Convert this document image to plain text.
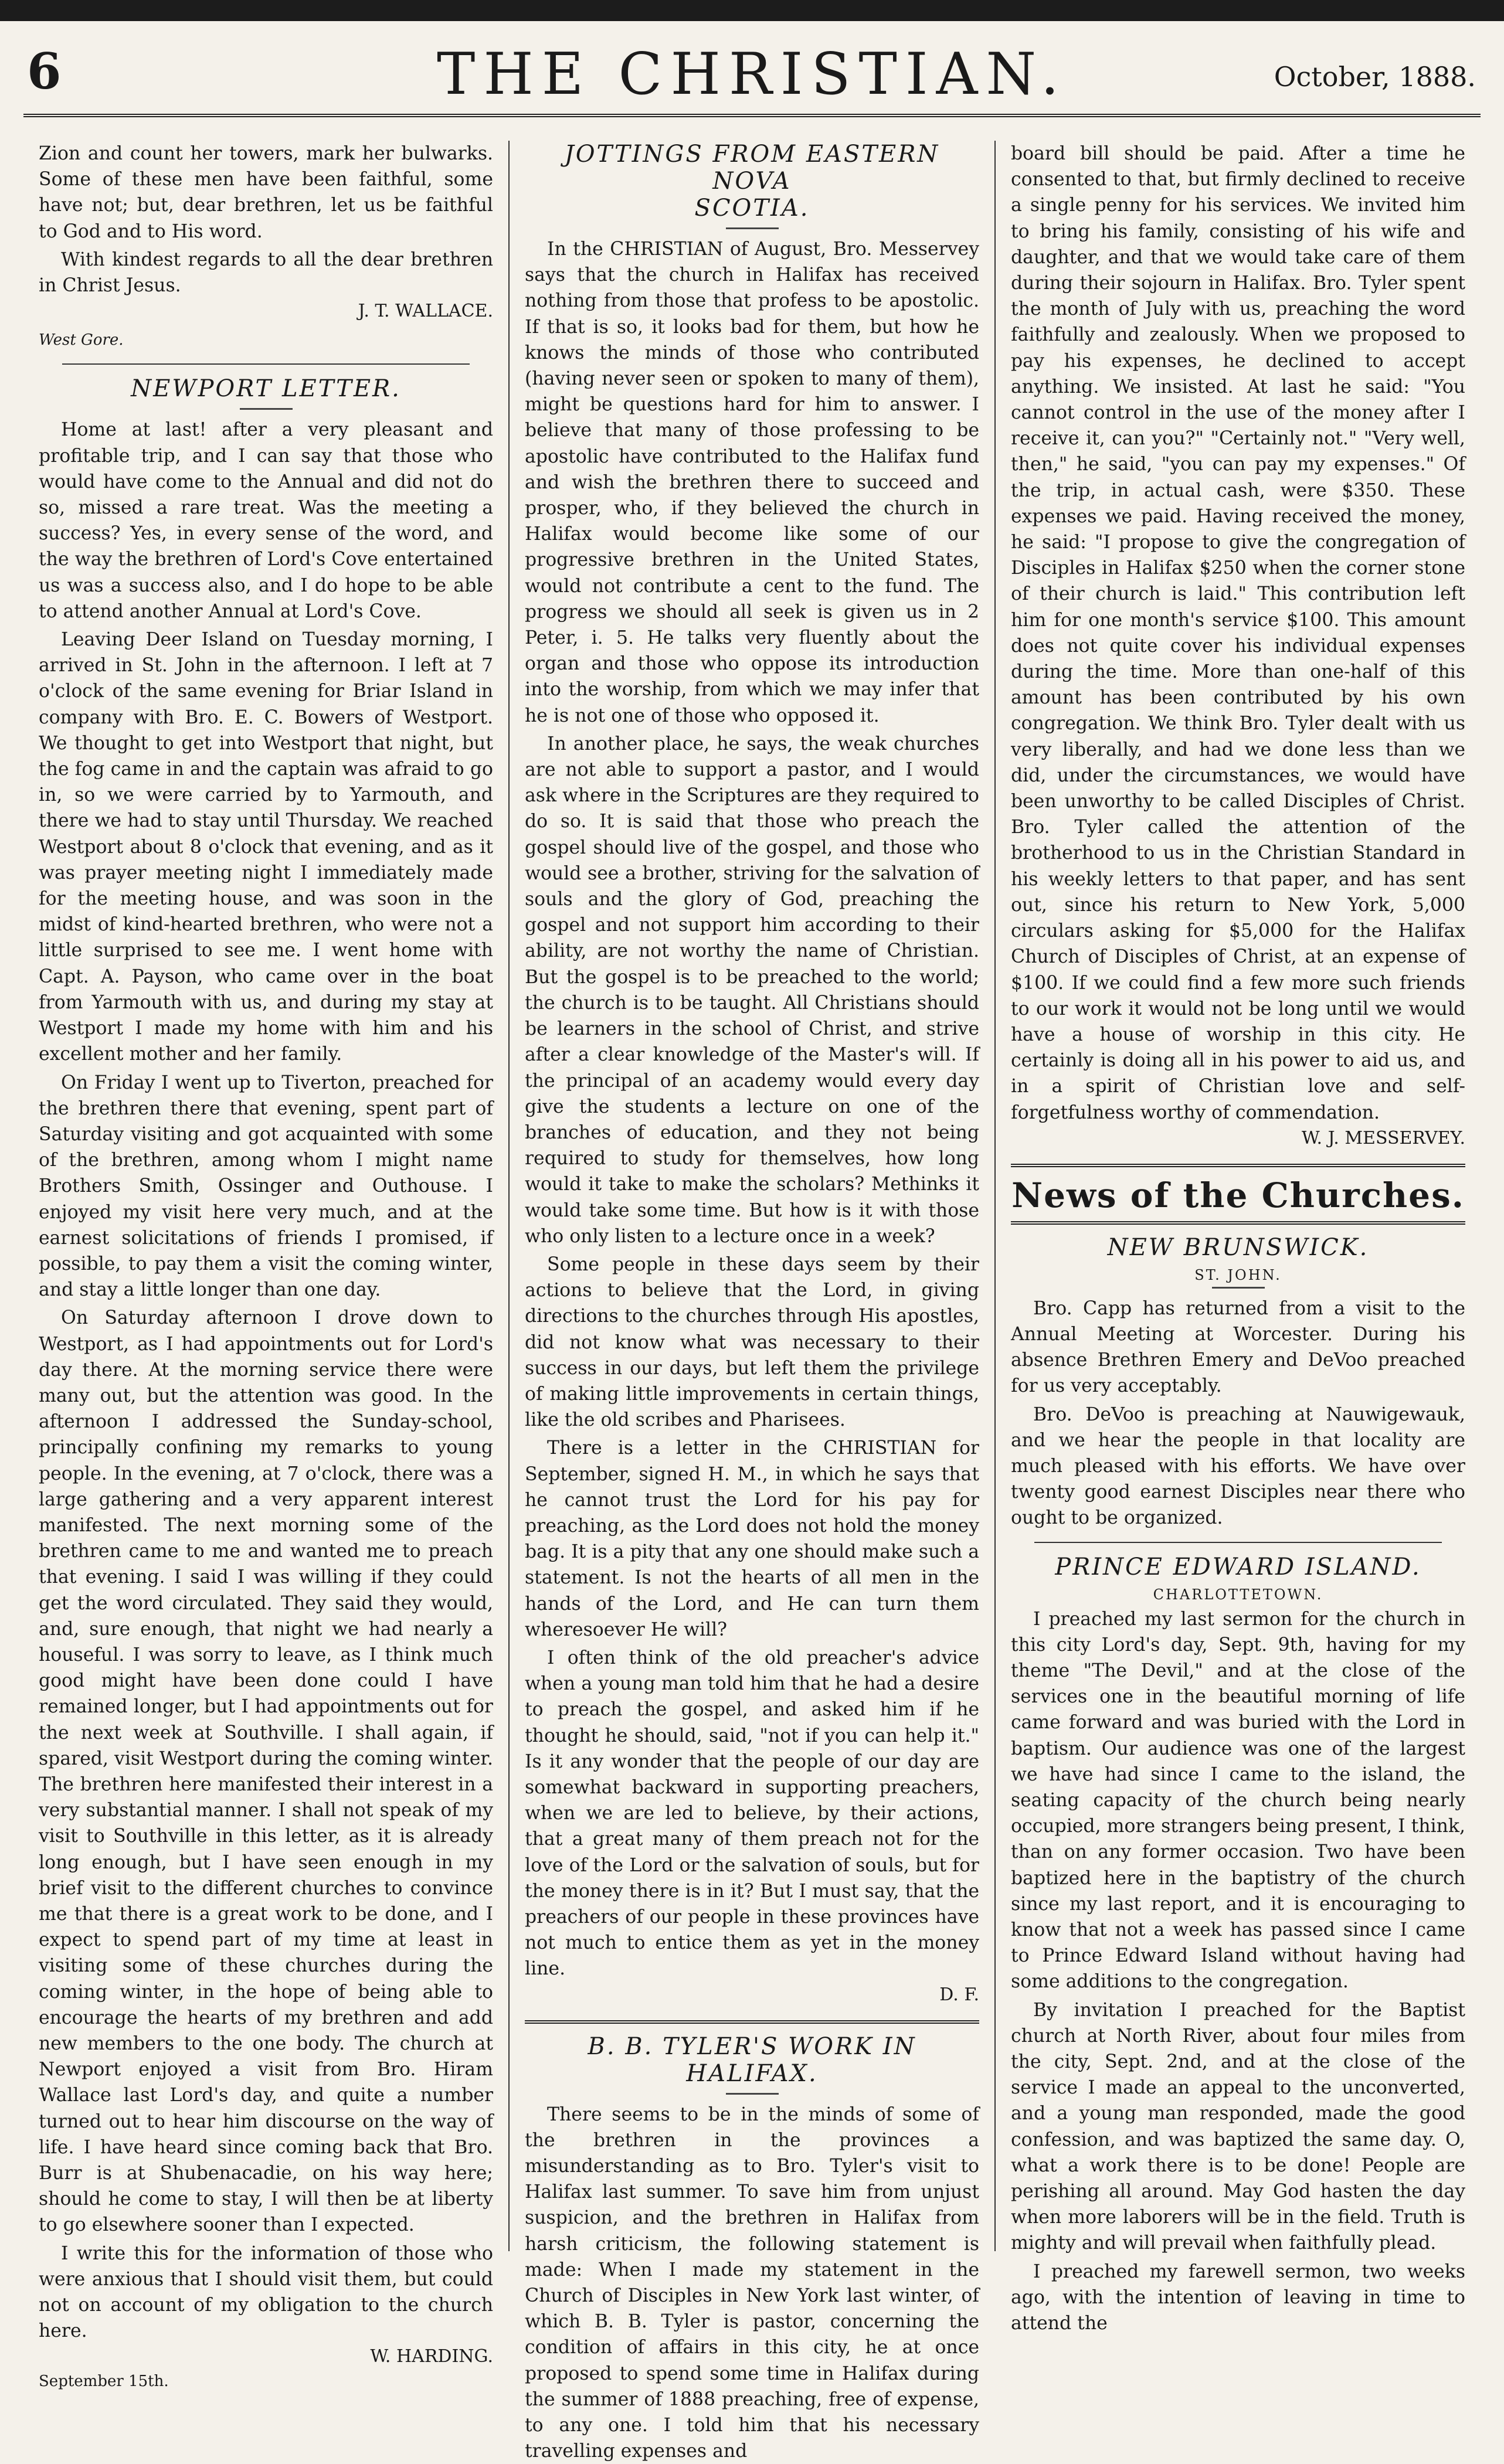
6	THE CHRISTIAN.	October, 1888.

Zion and count her towers, mark her bulwarks. Some of these men have been faithful, some have not; but, dear brethren, let us be faithful to God and to His word.

With kindest regards to all the dear brethren in Christ Jesus.

J. T. WALLACE.

West Gore.

NEWPORT LETTER.

Home at last! after a very pleasant and profitable trip, and I can say that those who would have come to the Annual and did not do so, missed a rare treat. Was the meeting a success? Yes, in every sense of the word, and the way the brethren of Lord's Cove entertained us was a success also, and I do hope to be able to attend another Annual at Lord's Cove.

Leaving Deer Island on Tuesday morning, I arrived in St. John in the afternoon. I left at 7 o'clock of the same evening for Briar Island in company with Bro. E. C. Bowers of Westport. We thought to get into Westport that night, but the fog came in and the captain was afraid to go in, so we were carried by to Yarmouth, and there we had to stay until Thursday. We reached Westport about 8 o'clock that evening, and as it was prayer meeting night I immediately made for the meeting house, and was soon in the midst of kind-hearted brethren, who were not a little surprised to see me. I went home with Capt. A. Payson, who came over in the boat from Yarmouth with us, and during my stay at Westport I made my home with him and his excellent mother and her family.

On Friday I went up to Tiverton, preached for the brethren there that evening, spent part of Saturday visiting and got acquainted with some of the brethren, among whom I might name Brothers Smith, Ossinger and Outhouse. I enjoyed my visit here very much, and at the earnest solicitations of friends I promised, if possible, to pay them a visit the coming winter, and stay a little longer than one day.

On Saturday afternoon I drove down to Westport, as I had appointments out for Lord's day there. At the morning service there were many out, but the attention was good. In the afternoon I addressed the Sunday-school, principally confining my remarks to young people. In the evening, at 7 o'clock, there was a large gathering and a very apparent interest manifested. The next morning some of the brethren came to me and wanted me to preach that evening. I said I was willing if they could get the word circulated. They said they would, and, sure enough, that night we had nearly a houseful. I was sorry to leave, as I think much good might have been done could I have remained longer, but I had appointments out for the next week at Southville. I shall again, if spared, visit Westport during the coming winter. The brethren here manifested their interest in a very substantial manner. I shall not speak of my visit to Southville in this letter, as it is already long enough, but I have seen enough in my brief visit to the different churches to convince me that there is a great work to be done, and I expect to spend part of my time at least in visiting some of these churches during the coming winter, in the hope of being able to encourage the hearts of my brethren and add new members to the one body. The church at Newport enjoyed a visit from Bro. Hiram Wallace last Lord's day, and quite a number turned out to hear him discourse on the way of life. I have heard since coming back that Bro. Burr is at Shubenacadie, on his way here; should he come to stay, I will then be at liberty to go elsewhere sooner than I expected.

I write this for the information of those who were anxious that I should visit them, but could not on account of my obligation to the church here.

W. HARDING.
September 15th.
JOTTINGS FROM EASTERN NOVA
SCOTIA.

In the CHRISTIAN of August, Bro. Messervey says that the church in Halifax has received nothing from those that profess to be apostolic. If that is so, it looks bad for them, but how he knows the minds of those who contributed (having never seen or spoken to many of them), might be questions hard for him to answer. I believe that many of those professing to be apostolic have contributed to the Halifax fund and wish the brethren there to succeed and prosper, who, if they believed the church in Halifax would become like some of our progressive brethren in the United States, would not contribute a cent to the fund. The progress we should all seek is given us in 2 Peter, i. 5. He talks very fluently about the organ and those who oppose its introduction into the worship, from which we may infer that he is not one of those who opposed it.

In another place, he says, the weak churches are not able to support a pastor, and I would ask where in the Scriptures are they required to do so. It is said that those who preach the gospel should live of the gospel, and those who would see a brother, striving for the salvation of souls and the glory of God, preaching the gospel and not support him according to their ability, are not worthy the name of Christian. But the gospel is to be preached to the world; the church is to be taught. All Christians should be learners in the school of Christ, and strive after a clear knowledge of the Master's will. If the principal of an academy would every day give the students a lecture on one of the branches of education, and they not being required to study for themselves, how long would it take to make the scholars? Methinks it would take some time. But how is it with those who only listen to a lecture once in a week?

Some people in these days seem by their actions to believe that the Lord, in giving directions to the churches through His apostles, did not know what was necessary to their success in our days, but left them the privilege of making little improvements in certain things, like the old scribes and Pharisees.

There is a letter in the CHRISTIAN for September, signed H. M., in which he says that he cannot trust the Lord for his pay for preaching, as the Lord does not hold the money bag. It is a pity that any one should make such a statement. Is not the hearts of all men in the hands of the Lord, and He can turn them wheresoever He will?

I often think of the old preacher's advice when a young man told him that he had a desire to preach the gospel, and asked him if he thought he should, said, "not if you can help it." Is it any wonder that the people of our day are somewhat backward in supporting preachers, when we are led to believe, by their actions, that a great many of them preach not for the love of the Lord or the salvation of souls, but for the money there is in it? But I must say, that the preachers of our people in these provinces have not much to entice them as yet in the money line.

D. F.
B. B. TYLER'S WORK IN HALIFAX.

There seems to be in the minds of some of the brethren in the provinces a misunderstanding as to Bro. Tyler's visit to Halifax last summer. To save him from unjust suspicion, and the brethren in Halifax from harsh criticism, the following statement is made: When I made my statement in the Church of Disciples in New York last winter, of which B. B. Tyler is pastor, concerning the condition of affairs in this city, he at once proposed to spend some time in Halifax during the summer of 1888 preaching, free of expense, to any one. I told him that his necessary travelling expenses and

board bill should be paid. After a time he consented to that, but firmly declined to receive a single penny for his services. We invited him to bring his family, consisting of his wife and daughter, and that we would take care of them during their sojourn in Halifax. Bro. Tyler spent the month of July with us, preaching the word faithfully and zealously. When we proposed to pay his expenses, he declined to accept anything. We insisted. At last he said: "You cannot control in the use of the money after I receive it, can you?" "Certainly not." "Very well, then," he said, "you can pay my expenses." Of the trip, in actual cash, were $350. These expenses we paid. Having received the money, he said: "I propose to give the congregation of Disciples in Halifax $250 when the corner stone of their church is laid." This contribution left him for one month's service $100. This amount does not quite cover his individual expenses during the time. More than one-half of this amount has been contributed by his own congregation. We think Bro. Tyler dealt with us very liberally, and had we done less than we did, under the circumstances, we would have been unworthy to be called Disciples of Christ. Bro. Tyler called the attention of the brotherhood to us in the Christian Standard in his weekly letters to that paper, and has sent out, since his return to New York, 5,000 circulars asking for $5,000 for the Halifax Church of Disciples of Christ, at an expense of $100. If we could find a few more such friends to our work it would not be long until we would have a house of worship in this city. He certainly is doing all in his power to aid us, and in a spirit of Christian love and self-forgetfulness worthy of commendation.

W. J. MESSERVEY.
News of the Churches.
NEW BRUNSWICK.
ST. JOHN.

Bro. Capp has returned from a visit to the Annual Meeting at Worcester. During his absence Brethren Emery and DeVoo preached for us very acceptably.

Bro. DeVoo is preaching at Nauwigewauk, and we hear the people in that locality are much pleased with his efforts. We have over twenty good earnest Disciples near there who ought to be organized.

PRINCE EDWARD ISLAND.
CHARLOTTETOWN.

I preached my last sermon for the church in this city Lord's day, Sept. 9th, having for my theme "The Devil," and at the close of the services one in the beautiful morning of life came forward and was buried with the Lord in baptism. Our audience was one of the largest we have had since I came to the island, the seating capacity of the church being nearly occupied, more strangers being present, I think, than on any former occasion. Two have been baptized here in the baptistry of the church since my last report, and it is encouraging to know that not a week has passed since I came to Prince Edward Island without having had some additions to the congregation.

By invitation I preached for the Baptist church at North River, about four miles from the city, Sept. 2nd, and at the close of the service I made an appeal to the unconverted, and a young man responded, made the good confession, and was baptized the same day. O, what a work there is to be done! People are perishing all around. May God hasten the day when more laborers will be in the field. Truth is mighty and will prevail when faithfully plead.

I preached my farewell sermon, two weeks ago, with the intention of leaving in time to attend the
